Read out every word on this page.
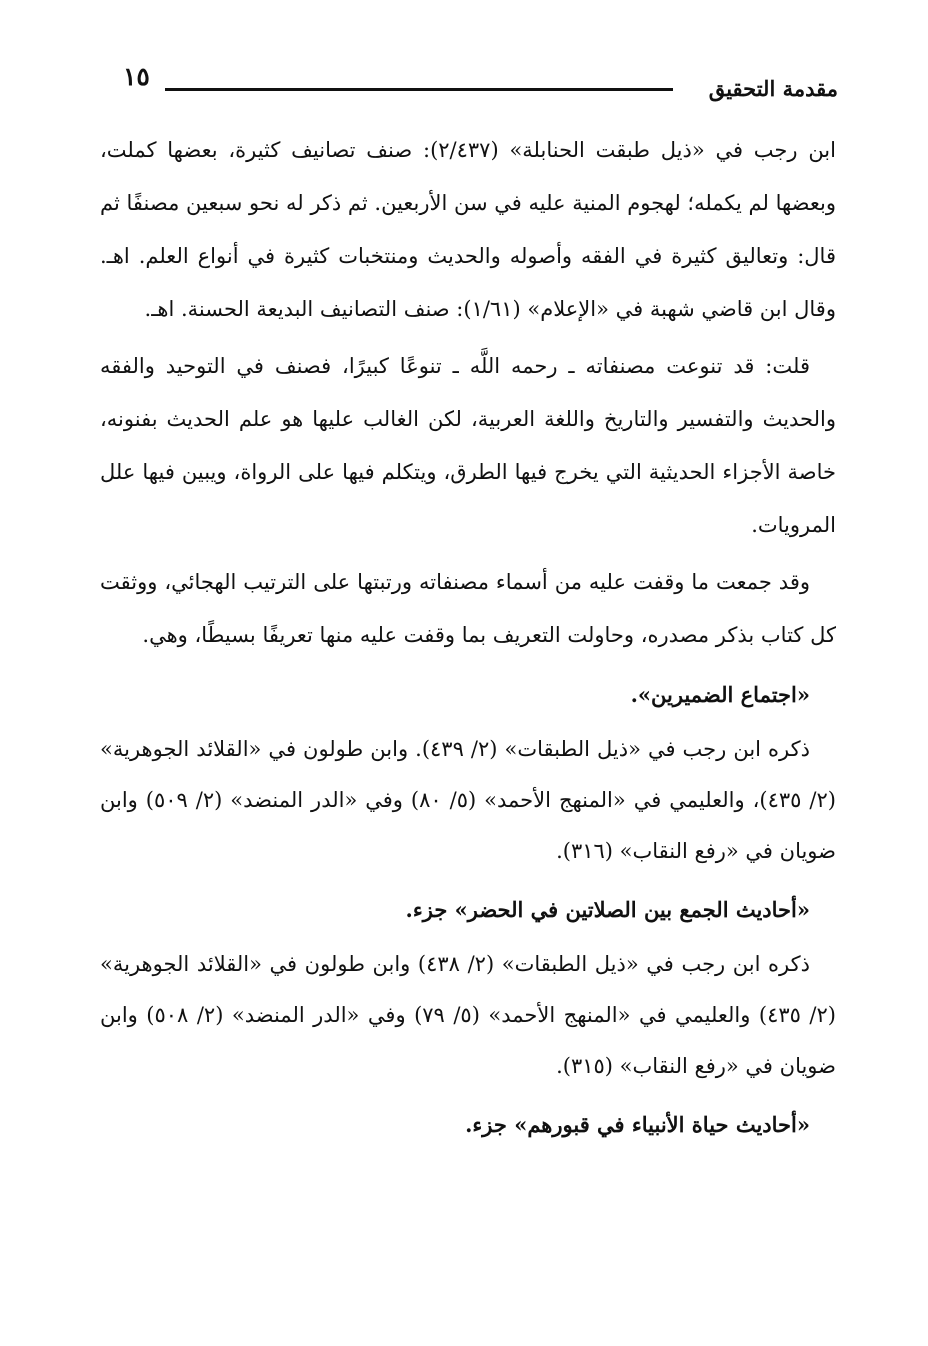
مقدمة التحقيق
١٥

ابن رجب في «ذيل طبقت الحنابلة» (٢/٤٣٧): صنف تصانيف كثيرة، بعضها كملت، وبعضها لم يكمله؛ لهجوم المنية عليه في سن الأربعين. ثم ذكر له نحو سبعين مصنفًا ثم قال: وتعاليق كثيرة في الفقه وأصوله والحديث ومنتخبات كثيرة في أنواع العلم. اهـ. وقال ابن قاضي شهبة في «الإعلام» (١/٦١): صنف التصانيف البديعة الحسنة. اهـ.

قلت: قد تنوعت مصنفاته ـ رحمه اللَّه ـ تنوعًا كبيرًا، فصنف في التوحيد والفقه والحديث والتفسير والتاريخ واللغة العربية، لكن الغالب عليها هو علم الحديث بفنونه، خاصة الأجزاء الحديثية التي يخرج فيها الطرق، ويتكلم فيها على الرواة، ويبين فيها علل المرويات.

وقد جمعت ما وقفت عليه من أسماء مصنفاته ورتبتها على الترتيب الهجائي، ووثقت كل كتاب بذكر مصدره، وحاولت التعريف بما وقفت عليه منها تعريفًا بسيطًا، وهي.

«اجتماع الضميرين».

ذكره ابن رجب في «ذيل الطبقات» (٢/ ٤٣٩). وابن طولون في «القلائد الجوهرية» (٢/ ٤٣٥)، والعليمي في «المنهج الأحمد» (٥/ ٨٠) وفي «الدر المنضد» (٢/ ٥٠٩) وابن ضويان في «رفع النقاب» (٣١٦).

«أحاديث الجمع بين الصلاتين في الحضر» جزء.

ذكره ابن رجب في «ذيل الطبقات» (٢/ ٤٣٨) وابن طولون في «القلائد الجوهرية» (٢/ ٤٣٥) والعليمي في «المنهج الأحمد» (٥/ ٧٩) وفي «الدر المنضد» (٢/ ٥٠٨) وابن ضويان في «رفع النقاب» (٣١٥).

«أحاديث حياة الأنبياء في قبورهم» جزء.
